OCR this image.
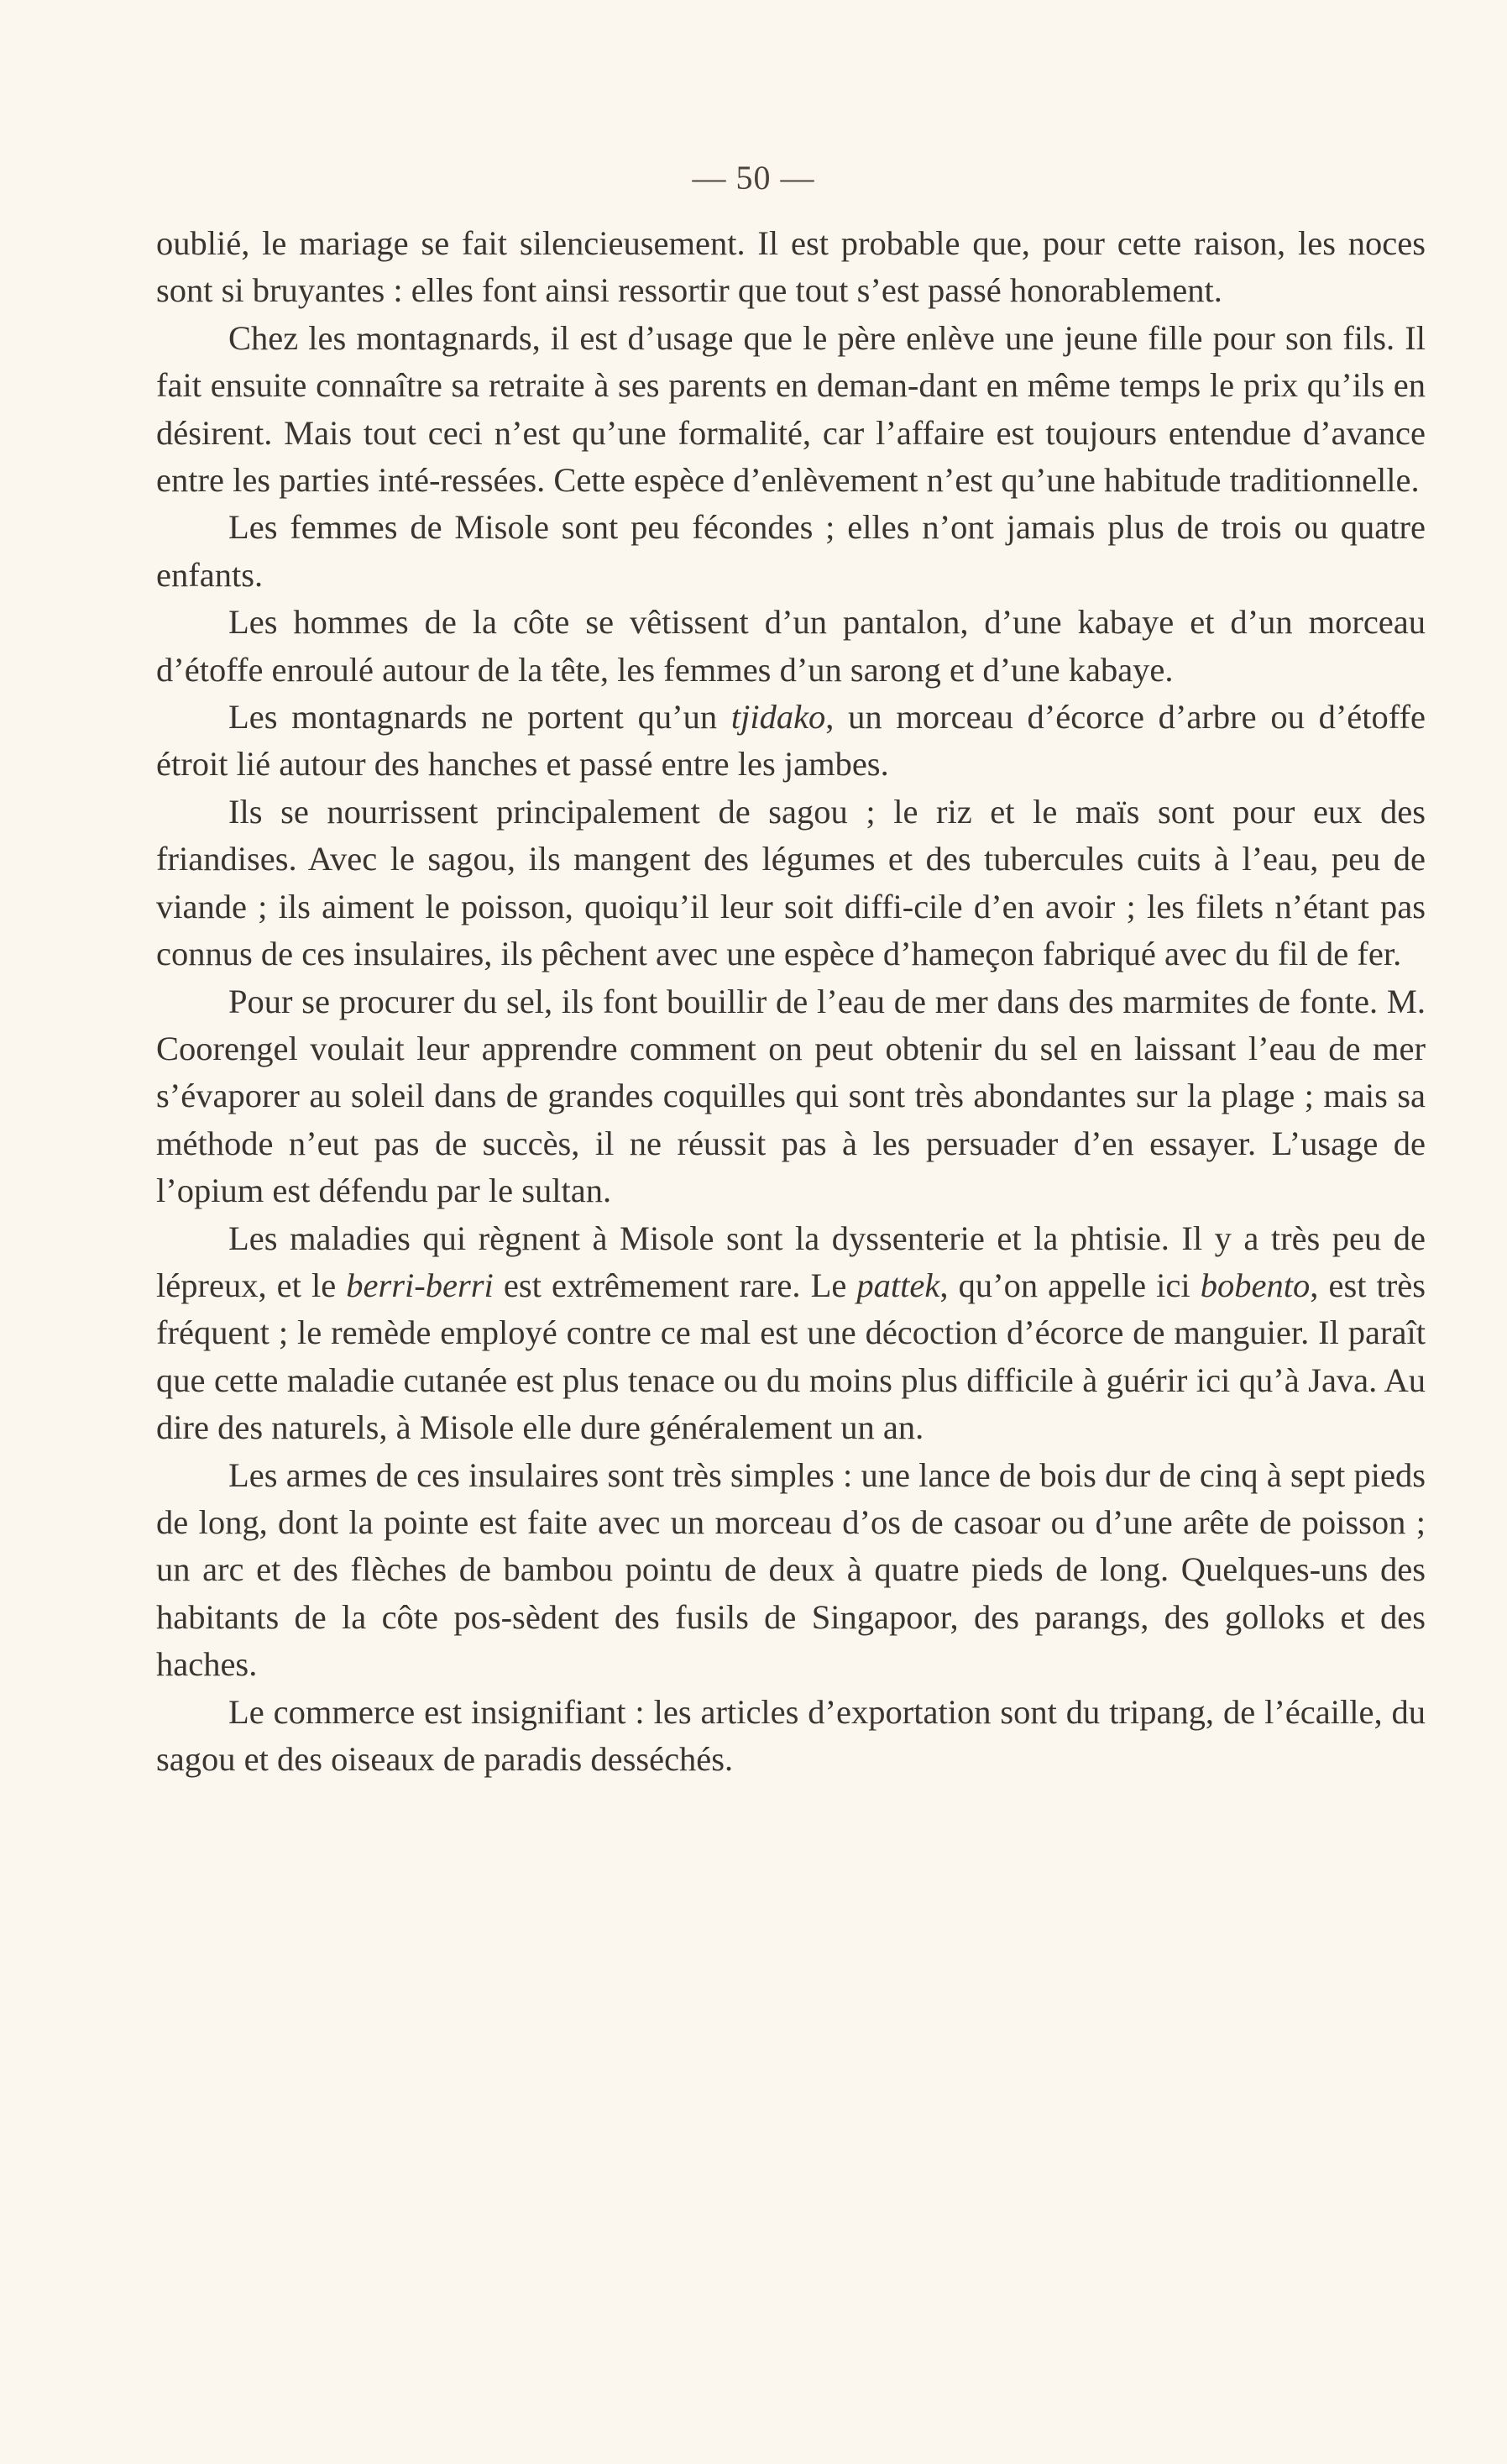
— 50 —

oublié, le mariage se fait silencieusement. Il est probable que, pour cette raison, les noces sont si bruyantes : elles font ainsi ressortir que tout s’est passé honorablement.

Chez les montagnards, il est d’usage que le père enlève une jeune fille pour son fils. Il fait ensuite connaître sa retraite à ses parents en deman-dant en même temps le prix qu’ils en désirent. Mais tout ceci n’est qu’une formalité, car l’affaire est toujours entendue d’avance entre les parties inté-ressées. Cette espèce d’enlèvement n’est qu’une habitude traditionnelle.

Les femmes de Misole sont peu fécondes ; elles n’ont jamais plus de trois ou quatre enfants.

Les hommes de la côte se vêtissent d’un pantalon, d’une kabaye et d’un morceau d’étoffe enroulé autour de la tête, les femmes d’un sarong et d’une kabaye.

Les montagnards ne portent qu’un tjidako, un morceau d’écorce d’arbre ou d’étoffe étroit lié autour des hanches et passé entre les jambes.

Ils se nourrissent principalement de sagou ; le riz et le maïs sont pour eux des friandises. Avec le sagou, ils mangent des légumes et des tubercules cuits à l’eau, peu de viande ; ils aiment le poisson, quoiqu’il leur soit diffi-cile d’en avoir ; les filets n’étant pas connus de ces insulaires, ils pêchent avec une espèce d’hameçon fabriqué avec du fil de fer.

Pour se procurer du sel, ils font bouillir de l’eau de mer dans des marmites de fonte. M. Coorengel voulait leur apprendre comment on peut obtenir du sel en laissant l’eau de mer s’évaporer au soleil dans de grandes coquilles qui sont très abondantes sur la plage ; mais sa méthode n’eut pas de succès, il ne réussit pas à les persuader d’en essayer. L’usage de l’opium est défendu par le sultan.

Les maladies qui règnent à Misole sont la dyssenterie et la phtisie. Il y a très peu de lépreux, et le berri-berri est extrêmement rare. Le pattek, qu’on appelle ici bobento, est très fréquent ; le remède employé contre ce mal est une décoction d’écorce de manguier. Il paraît que cette maladie cutanée est plus tenace ou du moins plus difficile à guérir ici qu’à Java. Au dire des naturels, à Misole elle dure généralement un an.

Les armes de ces insulaires sont très simples : une lance de bois dur de cinq à sept pieds de long, dont la pointe est faite avec un morceau d’os de casoar ou d’une arête de poisson ; un arc et des flèches de bambou pointu de deux à quatre pieds de long. Quelques-uns des habitants de la côte pos-sèdent des fusils de Singapoor, des parangs, des golloks et des haches.

Le commerce est insignifiant : les articles d’exportation sont du tripang, de l’écaille, du sagou et des oiseaux de paradis desséchés.
